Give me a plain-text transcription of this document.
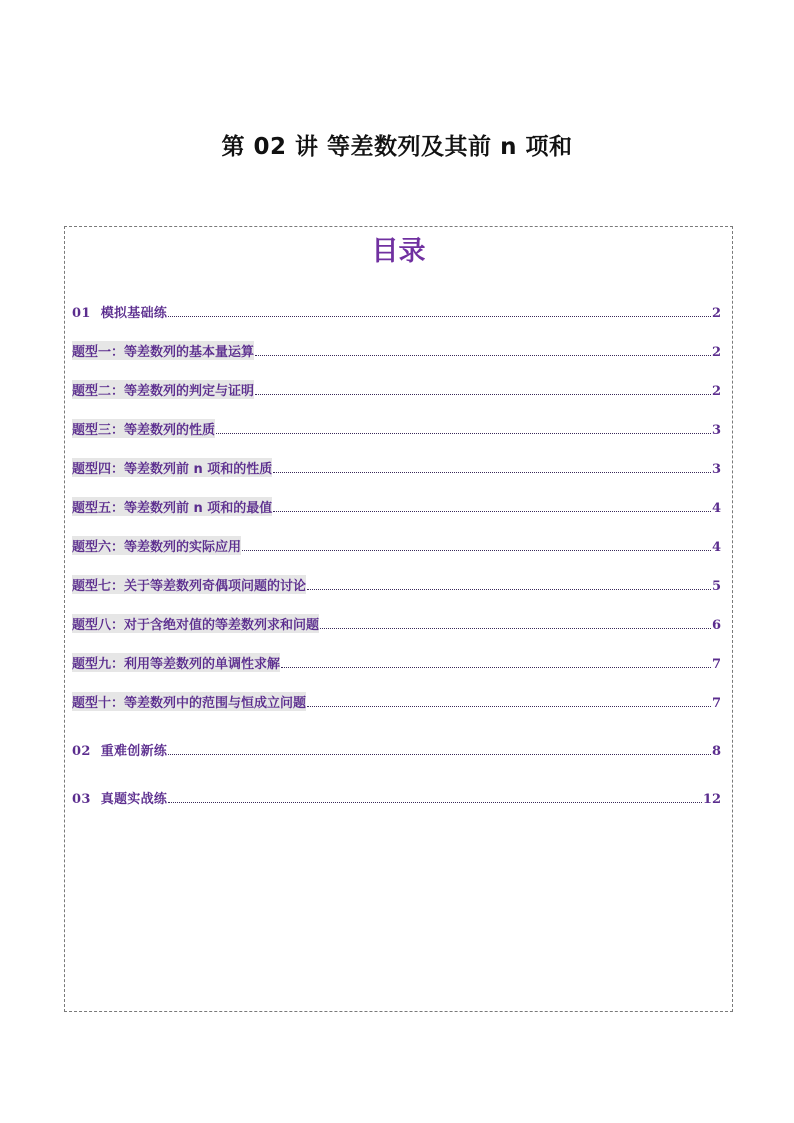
第 02 讲 等差数列及其前 n 项和
目录
01 模拟基础练	2
题型一：等差数列的基本量运算	2
题型二：等差数列的判定与证明	2
题型三：等差数列的性质	3
题型四：等差数列前 n 项和的性质	3
题型五：等差数列前 n 项和的最值	4
题型六：等差数列的实际应用	4
题型七：关于等差数列奇偶项问题的讨论	5
题型八：对于含绝对值的等差数列求和问题	6
题型九：利用等差数列的单调性求解	7
题型十：等差数列中的范围与恒成立问题	7
02 重难创新练	8
03 真题实战练	12
